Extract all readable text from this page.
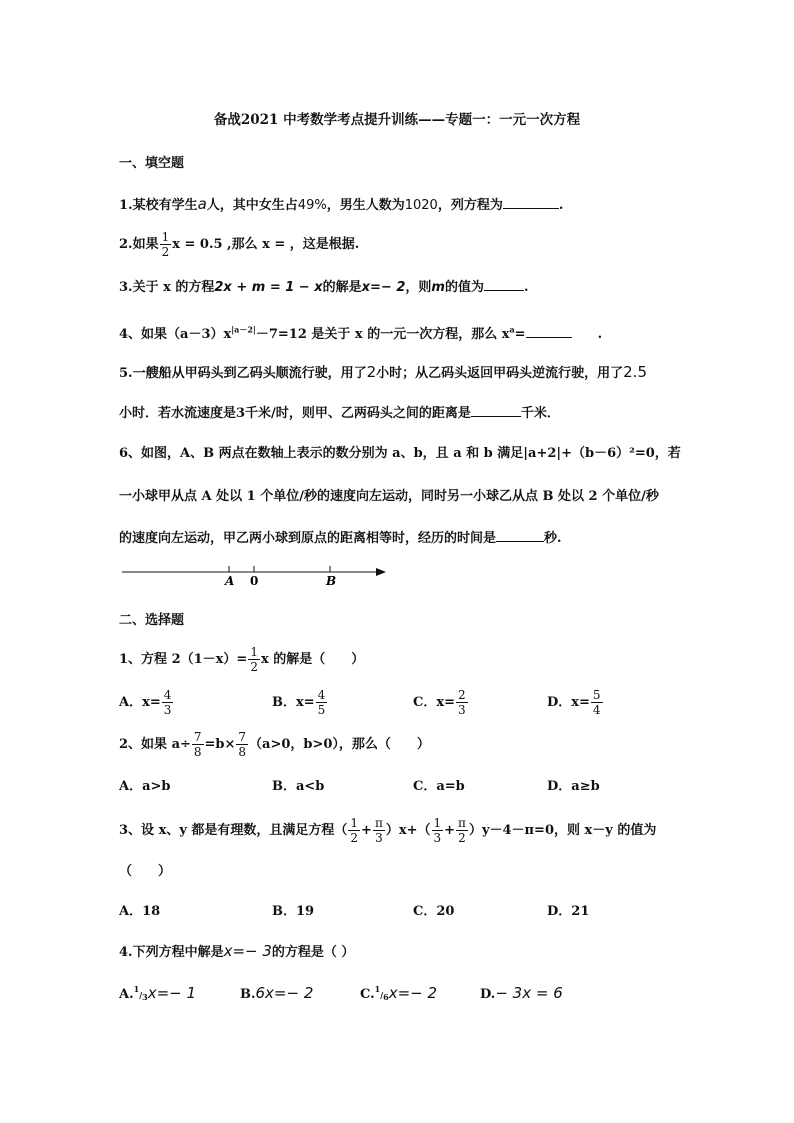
备战2021 中考数学考点提升训练——专题一：一元一次方程
一、填空题
1.某校有学生a人，其中女生占49%，男生人数为1020，列方程为	.
2.如果 $\frac{1}{2}$ x = 0.5 ,那么 x = ，这是根据.
3.关于 x 的方程2x + m = 1 − x的解是x=− 2，则m的值为	.
4、如果$(a-3)x^{|a-2|}-7=12$ 是关于 x 的一元一次方程，那么 $x^a=$	.
5.一艘船从甲码头到乙码头顺流行驶，用了2小时；从乙码头返回甲码头逆流行驶，用了2.5
小时．若水流速度是3千米/时，则甲、乙两码头之间的距离是	千米．
6、如图，A、B 两点在数轴上表示的数分别为 a、b，且 a 和 b 满足|a+2|+（b－6）²=0，若
一小球甲从点 A 处以 1 个单位/秒的速度向左运动，同时另一小球乙从点 B 处以 2 个单位/秒
的速度向左运动，甲乙两小球到原点的距离相等时，经历的时间是	秒.
A 0	B
二、选择题
1、方程 $2(1-x)= \frac{1}{2}$ x 的解是（　　）
A．$x= \frac{4}{3}$	B．$x= \frac{4}{5}$	C．$x= \frac{2}{3}$	D．$x= \frac{5}{4}$
2、如果 $a\div \frac{7}{8} =b\times \frac{7}{8} (a>0$，b>0），那么（　　）
A．a>b	B．a<b	C．a=b	D．a≥b
3、设 x、y 都是有理数，且满足方程（ $\frac{1}{2} + \frac{\pi}{3} )x+( \frac{1}{3} + \frac{\pi}{2} )y-4-\pi=0$，则 x－y 的值为
（　　）
A．18	B．19	C．20	D．21
4.下列方程中解是x=− 3的方程是（ ）
A.$^1$/3x=− 1	B.6x=− 2	C.$^1$/6x=− 2	D.− 3x = 6
